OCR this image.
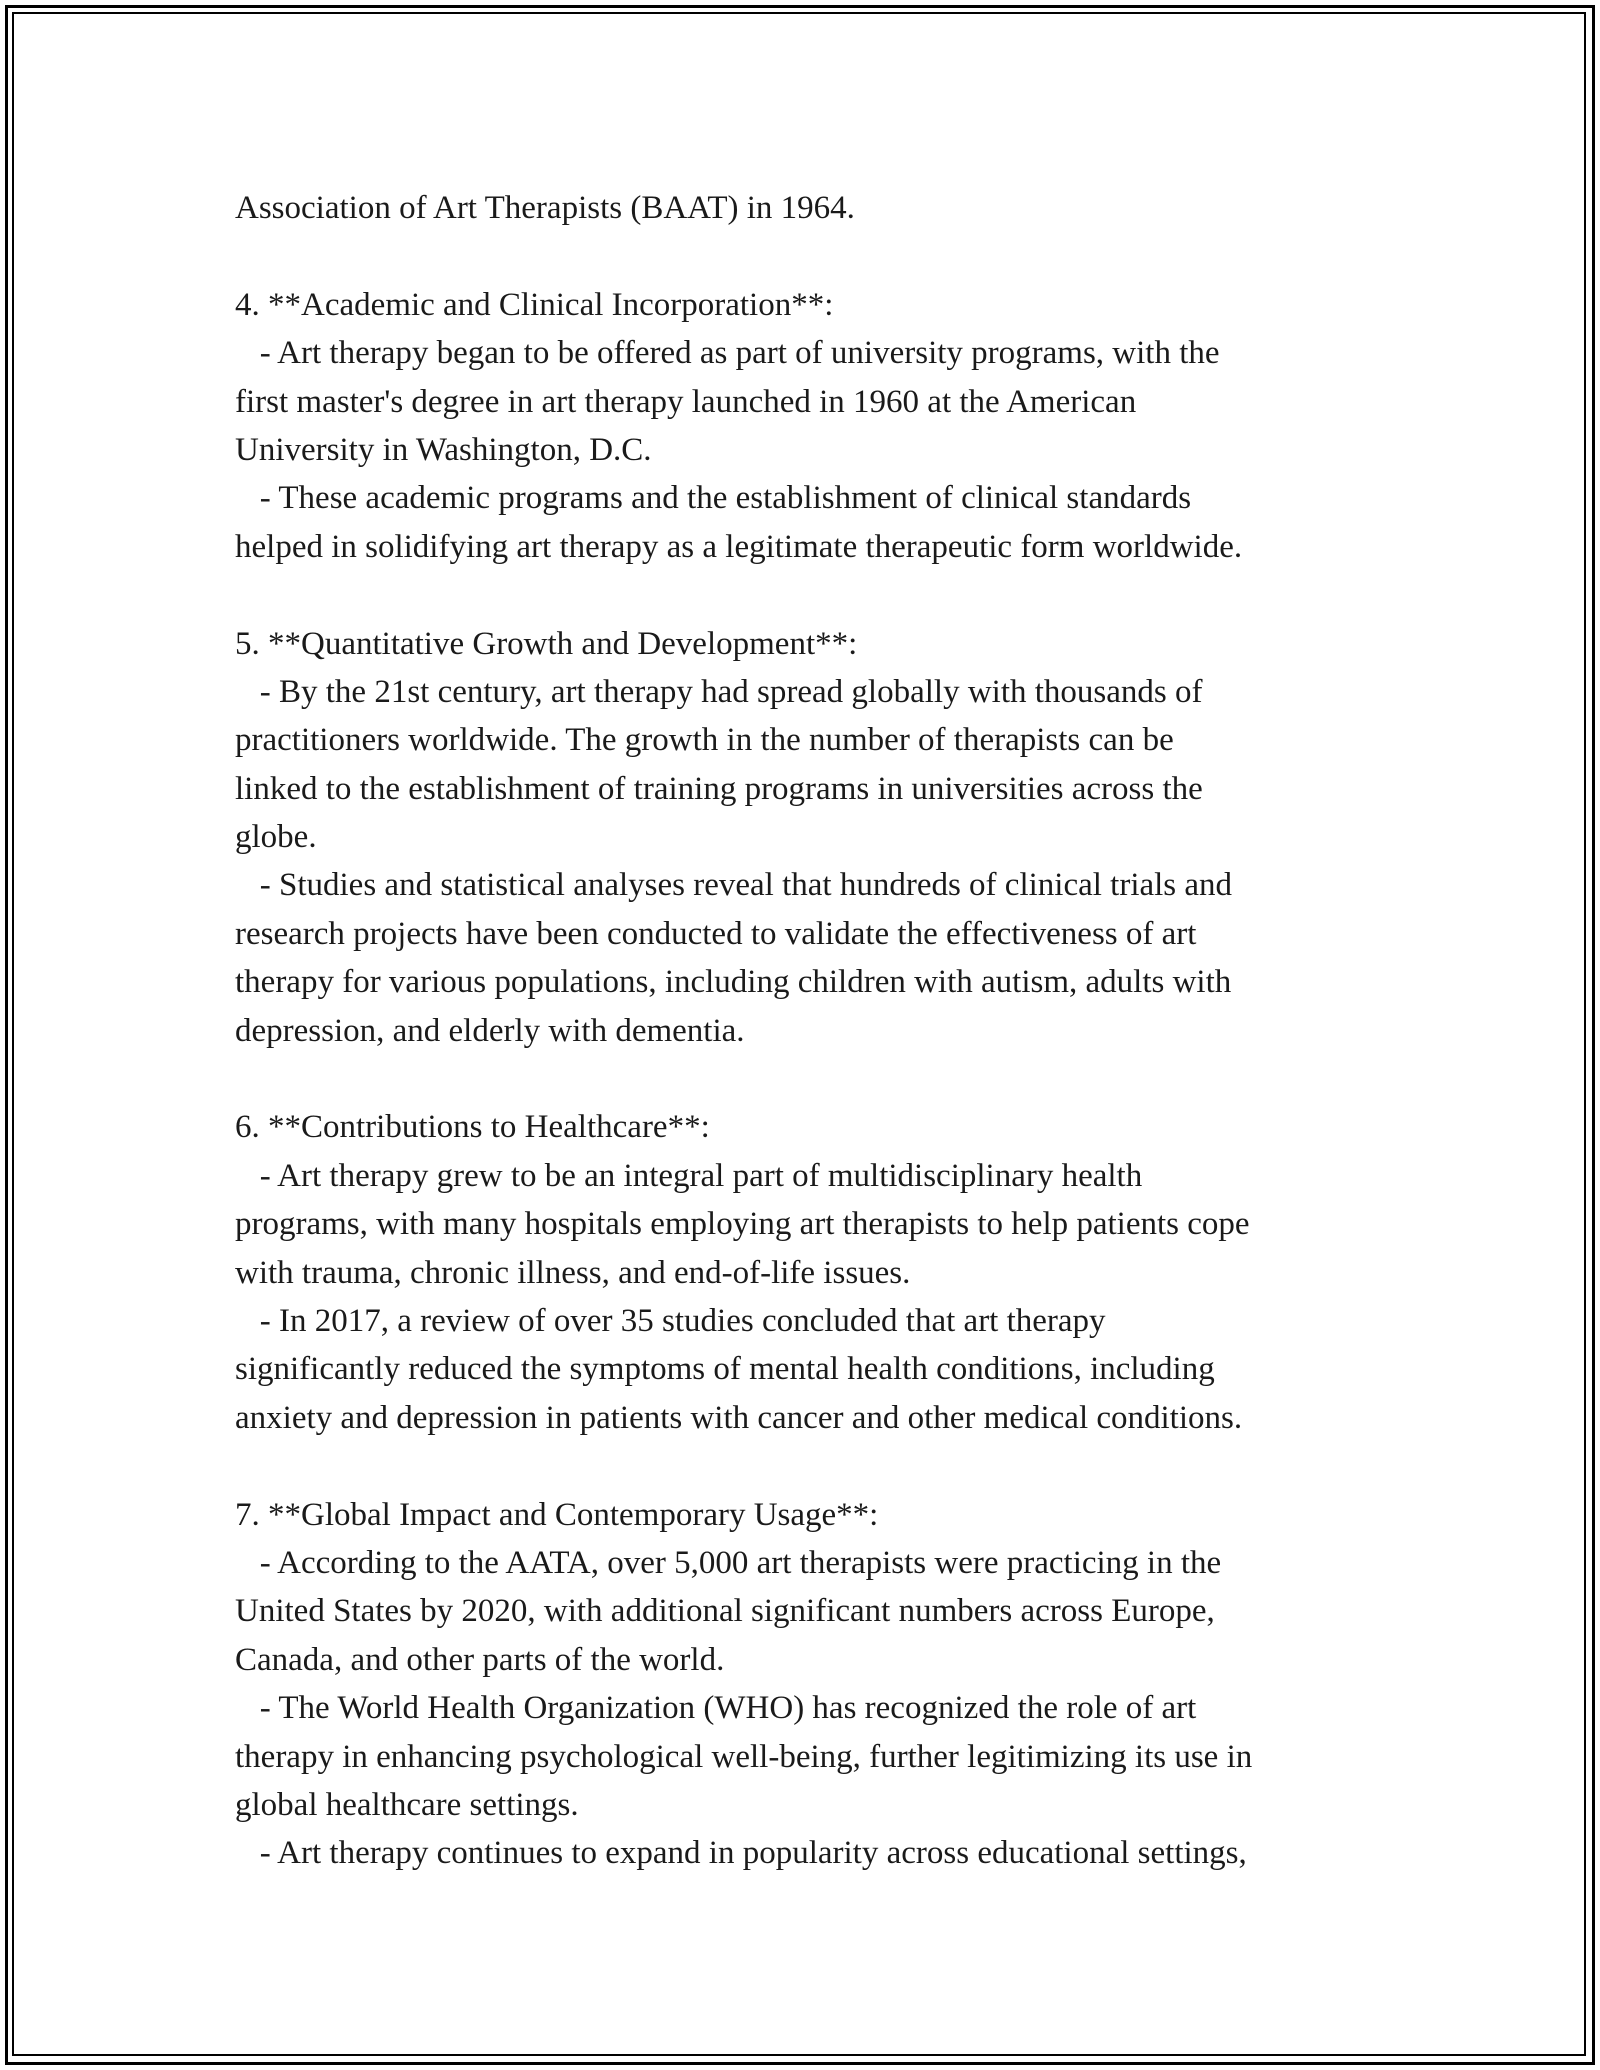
Association of Art Therapists (BAAT) in 1964.
4. **Academic and Clinical Incorporation**:
- Art therapy began to be offered as part of university programs, with the
first master's degree in art therapy launched in 1960 at the American
University in Washington, D.C.
- These academic programs and the establishment of clinical standards
helped in solidifying art therapy as a legitimate therapeutic form worldwide.
5. **Quantitative Growth and Development**:
- By the 21st century, art therapy had spread globally with thousands of
practitioners worldwide. The growth in the number of therapists can be
linked to the establishment of training programs in universities across the
globe.
- Studies and statistical analyses reveal that hundreds of clinical trials and
research projects have been conducted to validate the effectiveness of art
therapy for various populations, including children with autism, adults with
depression, and elderly with dementia.
6. **Contributions to Healthcare**:
- Art therapy grew to be an integral part of multidisciplinary health
programs, with many hospitals employing art therapists to help patients cope
with trauma, chronic illness, and end-of-life issues.
- In 2017, a review of over 35 studies concluded that art therapy
significantly reduced the symptoms of mental health conditions, including
anxiety and depression in patients with cancer and other medical conditions.
7. **Global Impact and Contemporary Usage**:
- According to the AATA, over 5,000 art therapists were practicing in the
United States by 2020, with additional significant numbers across Europe,
Canada, and other parts of the world.
- The World Health Organization (WHO) has recognized the role of art
therapy in enhancing psychological well-being, further legitimizing its use in
global healthcare settings.
- Art therapy continues to expand in popularity across educational settings,
